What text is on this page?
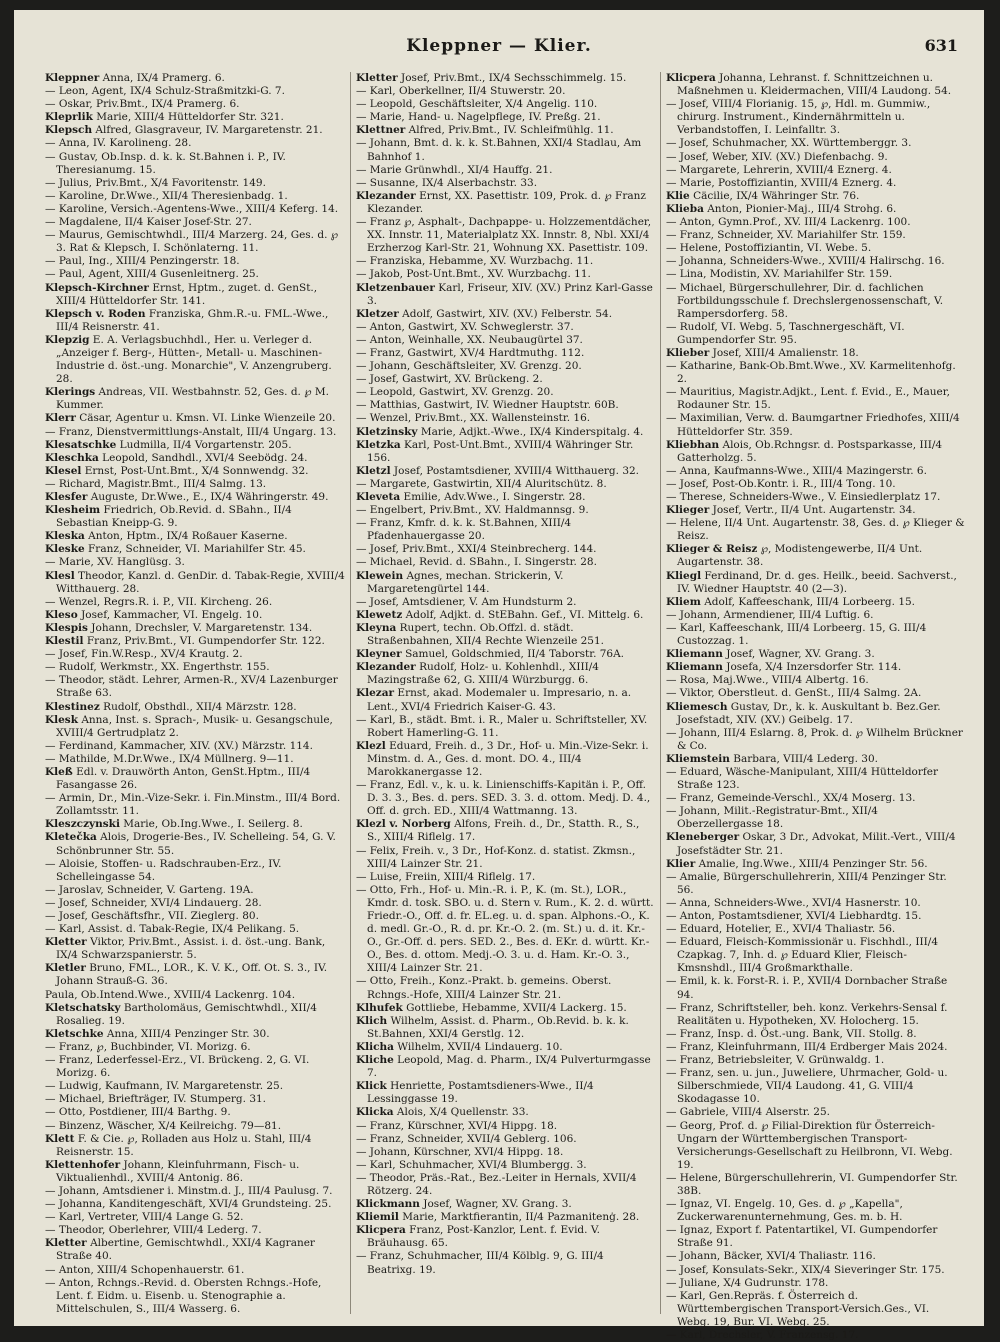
Kleppner — Klier.	631

Kleppner Anna, IX/4 Pramerg. 6.

— Leon, Agent, IX/4 Schulz-Straßmitzki-G. 7.

— Oskar, Priv.Bmt., IX/4 Pramerg. 6.

Kleprlik Marie, XIII/4 Hütteldorfer Str. 321.

Klepsch Alfred, Glasgraveur, IV. Margaretenstr. 21.

— Anna, IV. Karolineng. 28.

— Gustav, Ob.Insp. d. k. k. St.Bahnen i. P., IV. Theresianumg. 15.

— Julius, Priv.Bmt., X/4 Favoritenstr. 149.

— Karoline, Dr.Wwe., XII/4 Theresienbadg. 1.

— Karoline, Versich.-Agentens-Wwe., XIII/4 Keferg. 14.

— Magdalene, II/4 Kaiser Josef-Str. 27.

— Maurus, Gemischtwhdl., III/4 Marzerg. 24, Ges. d. ℘ 3. Rat & Klepsch, I. Schönlaterng. 11.

— Paul, Ing., XIII/4 Penzingerstr. 18.

— Paul, Agent, XIII/4 Gusenleitnerg. 25.

Klepsch-Kirchner Ernst, Hptm., zuget. d. GenSt., XIII/4 Hütteldorfer Str. 141.

Klepsch v. Roden Franziska, Ghm.R.-u. FML.-Wwe., III/4 Reisnerstr. 41.

Klepzig E. A. Verlagsbuchhdl., Her. u. Verleger d. „Anzeiger f. Berg-, Hütten-, Metall- u. Maschinen-Industrie d. öst.-ung. Monarchie", V. Anzengruberg. 28.

Klerings Andreas, VII. Westbahnstr. 52, Ges. d. ℘ M. Kummer.

Klerr Cäsar, Agentur u. Kmsn. VI. Linke Wienzeile 20.

— Franz, Dienstvermittlungs-Anstalt, III/4 Ungarg. 13.

Klesatschke Ludmilla, II/4 Vorgartenstr. 205.

Kleschka Leopold, Sandhdl., XVI/4 Seebödg. 24.

Klesel Ernst, Post-Unt.Bmt., X/4 Sonnwendg. 32.

— Richard, Magistr.Bmt., III/4 Salmg. 13.

Klesfer Auguste, Dr.Wwe., E., IX/4 Währingerstr. 49.

Klesheim Friedrich, Ob.Revid. d. SBahn., II/4 Sebastian Kneipp-G. 9.

Kleska Anton, Hptm., IX/4 Roßauer Kaserne.

Kleske Franz, Schneider, VI. Mariahilfer Str. 45.

— Marie, XV. Hanglüsg. 3.

Klesl Theodor, Kanzl. d. GenDir. d. Tabak-Regie, XVIII/4 Witthauerg. 28.

— Wenzel, Regrs.R. i. P., VII. Kircheng. 26.

Kleso Josef, Kammacher, VI. Engelg. 10.

Klespis Johann, Drechsler, V. Margaretenstr. 134.

Klestil Franz, Priv.Bmt., VI. Gumpendorfer Str. 122.

— Josef, Fin.W.Resp., XV/4 Krautg. 2.

— Rudolf, Werkmstr., XX. Engerthstr. 155.

— Theodor, städt. Lehrer, Armen-R., XV/4 Lazenburger Straße 63.

Klestinez Rudolf, Obsthdl., XII/4 Märzstr. 128.

Klesk Anna, Inst. s. Sprach-, Musik- u. Gesangschule, XVIII/4 Gertrudplatz 2.

— Ferdinand, Kammacher, XIV. (XV.) Märzstr. 114.

— Mathilde, M.Dr.Wwe., IX/4 Müllnerg. 9—11.

Kleß Edl. v. Drauwörth Anton, GenSt.Hptm., III/4 Fasangasse 26.

— Armin, Dr., Min.-Vize-Sekr. i. Fin.Minstm., III/4 Bord. Zollamtsstr. 11.

Kleszczynski Marie, Ob.Ing.Wwe., I. Seilerg. 8.

Kletečka Alois, Drogerie-Bes., IV. Schelleing. 54, G. V. Schönbrunner Str. 55.

— Aloisie, Stoffen- u. Radschrauben-Erz., IV. Schelleingasse 54.

— Jaroslav, Schneider, V. Garteng. 19A.

— Josef, Schneider, XVI/4 Lindauerg. 28.

— Josef, Geschäftsfhr., VII. Zieglerg. 80.

— Karl, Assist. d. Tabak-Regie, IX/4 Pelikang. 5.

Kletter Viktor, Priv.Bmt., Assist. i. d. öst.-ung. Bank, IX/4 Schwarzspanierstr. 5.

Kletler Bruno, FML., LOR., K. V. K., Off. Ot. S. 3., IV. Johann Strauß-G. 36.

Paula, Ob.Intend.Wwe., XVIII/4 Lackenrg. 104.

Kletschatsky Bartholomäus, Gemischtwhdl., XII/4 Rosalieg. 19.

Kletschke Anna, XIII/4 Penzinger Str. 30.

— Franz, ℘, Buchbinder, VI. Morizg. 6.

— Franz, Lederfessel-Erz., VI. Brückeng. 2, G. VI. Morizg. 6.

— Ludwig, Kaufmann, IV. Margaretenstr. 25.

— Michael, Briefträger, IV. Stumperg. 31.

— Otto, Postdiener, III/4 Barthg. 9.

— Binzenz, Wäscher, X/4 Keilreichg. 79—81.

Klett F. & Cie. ℘, Rolladen aus Holz u. Stahl, III/4 Reisnerstr. 15.

Klettenhofer Johann, Kleinfuhrmann, Fisch- u. Viktualienhdl., XVIII/4 Antonig. 86.

— Johann, Amtsdiener i. Minstm.d. J., III/4 Paulusg. 7.

— Johanna, Kanditengeschäft, XVI/4 Grundsteing. 25.

— Karl, Vertreter, VIII/4 Lange G. 52.

— Theodor, Oberlehrer, VIII/4 Lederg. 7.

Kletter Albertine, Gemischtwhdl., XXI/4 Kagraner Straße 40.

— Anton, XIII/4 Schopenhauerstr. 61.

— Anton, Rchngs.-Revid. d. Obersten Rchngs.-Hofe, Lent. f. Eidm. u. Eisenb. u. Stenographie a. Mittelschulen, S., III/4 Wasserg. 6.

Kletter Josef, Priv.Bmt., IX/4 Sechsschimmelg. 15.

— Karl, Oberkellner, II/4 Stuwerstr. 20.

— Leopold, Geschäftsleiter, X/4 Angelig. 110.

— Marie, Hand- u. Nagelpflege, IV. Preßg. 21.

Klettner Alfred, Priv.Bmt., IV. Schleifmühlg. 11.

— Johann, Bmt. d. k. k. St.Bahnen, XXI/4 Stadlau, Am Bahnhof 1.

— Marie Grünwhdl., XI/4 Hauffg. 21.

— Susanne, IX/4 Alserbachstr. 33.

Klezander Ernst, XX. Pasettistr. 109, Prok. d. ℘ Franz Klezander.

— Franz ℘, Asphalt-, Dachpappe- u. Holzzementdächer, XX. Innstr. 11, Materialplatz XX. Innstr. 8, Nbl. XXI/4 Erzherzog Karl-Str. 21, Wohnung XX. Pasettistr. 109.

— Franziska, Hebamme, XV. Wurzbachg. 11.

— Jakob, Post-Unt.Bmt., XV. Wurzbachg. 11.

Kletzenbauer Karl, Friseur, XIV. (XV.) Prinz Karl-Gasse 3.

Kletzer Adolf, Gastwirt, XIV. (XV.) Felberstr. 54.

— Anton, Gastwirt, XV. Schweglerstr. 37.

— Anton, Weinhalle, XX. Neubaugürtel 37.

— Franz, Gastwirt, XV/4 Hardtmuthg. 112.

— Johann, Geschäftsleiter, XV. Grenzg. 20.

— Josef, Gastwirt, XV. Brückeng. 2.

— Leopold, Gastwirt, XV. Grenzg. 20.

— Matthias, Gastwirt, IV. Wiedner Hauptstr. 60B.

— Wenzel, Priv.Bmt., XX. Wallensteinstr. 16.

Kletzinsky Marie, Adjkt.-Wwe., IX/4 Kinderspitalg. 4.

Kletzka Karl, Post-Unt.Bmt., XVIII/4 Währinger Str. 156.

Kletzl Josef, Postamtsdiener, XVIII/4 Witthauerg. 32.

— Margarete, Gastwirtin, XII/4 Aluritschütz. 8.

Kleveta Emilie, Adv.Wwe., I. Singerstr. 28.

— Engelbert, Priv.Bmt., XV. Haldmannsg. 9.

— Franz, Kmfr. d. k. k. St.Bahnen, XIII/4 Pfadenhauergasse 20.

— Josef, Priv.Bmt., XXI/4 Steinbrecherg. 144.

— Michael, Revid. d. SBahn., I. Singerstr. 28.

Klewein Agnes, mechan. Strickerin, V. Margaretengürtel 144.

— Josef, Amtsdiener, V. Am Hundsturm 2.

Klewetz Adolf, Adjkt. d. StEBahn. Gef., VI. Mittelg. 6.

Kleyna Rupert, techn. Ob.Offzl. d. städt. Straßenbahnen, XII/4 Rechte Wienzeile 251.

Kleyner Samuel, Goldschmied, II/4 Taborstr. 76A.

Klezander Rudolf, Holz- u. Kohlenhdl., XIII/4 Mazingstraße 62, G. XIII/4 Würzburgg. 6.

Klezar Ernst, akad. Modemaler u. Impresario, n. a. Lent., XVI/4 Friedrich Kaiser-G. 43.

— Karl, B., städt. Bmt. i. R., Maler u. Schriftsteller, XV. Robert Hamerling-G. 11.

Klezl Eduard, Freih. d., 3 Dr., Hof- u. Min.-Vize-Sekr. i. Minstm. d. A., Ges. d. mont. DO. 4., III/4 Marokkanergasse 12.

— Franz, Edl. v., k. u. k. Linienschiffs-Kapitän i. P., Off. D. 3. 3., Bes. d. pers. SED. 3. 3. d. ottom. Medj. D. 4., Off. d. grch. ED., XIII/4 Wattmanng. 13.

Klezl v. Norberg Alfons, Freih. d., Dr., Statth. R., S., S., XIII/4 Riflelg. 17.

— Felix, Freih. v., 3 Dr., Hof-Konz. d. statist. Zkmsn., XIII/4 Lainzer Str. 21.

— Luise, Freiin, XIII/4 Riflelg. 17.

— Otto, Frh., Hof- u. Min.-R. i. P., K. (m. St.), LOR., Kmdr. d. tosk. SBO. u. d. Stern v. Rum., K. 2. d. württ. Friedr.-O., Off. d. fr. EL.eg. u. d. span. Alphons.-O., K. d. medl. Gr.-O., R. d. pr. Kr.-O. 2. (m. St.) u. d. it. Kr.-O., Gr.-Off. d. pers. SED. 2., Bes. d. EKr. d. württ. Kr.-O., Bes. d. ottom. Medj.-O. 3. u. d. Ham. Kr.-O. 3., XIII/4 Lainzer Str. 21.

— Otto, Freih., Konz.-Prakt. b. gemeins. Oberst. Rchngs.-Hofe, XIII/4 Lainzer Str. 21.

Klhufek Gottliebe, Hebamme, XVII/4 Lackerg. 15.

Klich Wilhelm, Assist. d. Pharm., Ob.Revid. b. k. k. St.Bahnen, XXI/4 Gerstlg. 12.

Klicha Wilhelm, XVII/4 Lindauerg. 10.

Kliche Leopold, Mag. d. Pharm., IX/4 Pulverturmgasse 7.

Klick Henriette, Postamtsdieners-Wwe., II/4 Lessinggasse 19.

Klicka Alois, X/4 Quellenstr. 33.

— Franz, Kürschner, XVI/4 Hippg. 18.

— Franz, Schneider, XVII/4 Geblerg. 106.

— Johann, Kürschner, XVI/4 Hippg. 18.

— Karl, Schuhmacher, XVI/4 Blumbergg. 3.

— Theodor, Präs.-Rat., Bez.-Leiter in Hernals, XVII/4 Rötzerg. 24.

Klickmann Josef, Wagner, XV. Grang. 3.

Kliemil Marie, Marktfierantin, II/4 Pazmanitenġ. 28.

Klicpera Franz, Post-Kanzlor, Lent. f. Evid. V. Bräuhausg. 65.

— Franz, Schuhmacher, III/4 Kölblg. 9, G. III/4 Beatrixg. 19.

Klicpera Johanna, Lehranst. f. Schnittzeichnen u. Maßnehmen u. Kleidermachen, VIII/4 Laudong. 54.

— Josef, VIII/4 Florianig. 15, ℘, Hdl. m. Gummiw., chirurg. Instrument., Kindernährmitteln u. Verbandstoffen, I. Leinfalltr. 3.

— Josef, Schuhmacher, XX. Württemberggr. 3.

— Josef, Weber, XIV. (XV.) Diefenbachg. 9.

— Margarete, Lehrerin, XVIII/4 Eznerg. 4.

— Marie, Postoffiziantin, XVIII/4 Eznerg. 4.

Klie Cäcilie, IX/4 Währinger Str. 76.

Klieba Anton, Pionier-Maj., III/4 Strohg. 6.

— Anton, Gymn.Prof., XV. III/4 Lackenrg. 100.

— Franz, Schneider, XV. Mariahilfer Str. 159.

— Helene, Postoffiziantin, VI. Webe. 5.

— Johanna, Schneiders-Wwe., XVIII/4 Halirschg. 16.

— Lina, Modistin, XV. Mariahilfer Str. 159.

— Michael, Bürgerschullehrer, Dir. d. fachlichen Fortbildungsschule f. Drechslergenossenschaft, V. Rampersdorferg. 58.

— Rudolf, VI. Webg. 5, Taschnergeschäft, VI. Gumpendorfer Str. 95.

Klieber Josef, XIII/4 Amalienstr. 18.

— Katharine, Bank-Ob.Bmt.Wwe., XV. Karmelitenhofg. 2.

— Mauritius, Magistr.Adjkt., Lent. f. Evid., E., Mauer, Rodauner Str. 15.

— Maximilian, Verw. d. Baumgartner Friedhofes, XIII/4 Hütteldorfer Str. 359.

Kliebhan Alois, Ob.Rchngsr. d. Postsparkasse, III/4 Gatterholzg. 5.

— Anna, Kaufmanns-Wwe., XIII/4 Mazingerstr. 6.

— Josef, Post-Ob.Kontr. i. R., III/4 Tong. 10.

— Therese, Schneiders-Wwe., V. Einsiedlerplatz 17.

Klieger Josef, Vertr., II/4 Unt. Augartenstr. 34.

— Helene, II/4 Unt. Augartenstr. 38, Ges. d. ℘ Klieger & Reisz.

Klieger & Reisz ℘, Modistengewerbe, II/4 Unt. Augartenstr. 38.

Kliegl Ferdinand, Dr. d. ges. Heilk., beeid. Sachverst., IV. Wiedner Hauptstr. 40 (2—3).

Kliem Adolf, Kaffeeschank, III/4 Lorbeerg. 15.

— Johann, Armendiener, III/4 Luftig. 6.

— Karl, Kaffeeschank, III/4 Lorbeerg. 15, G. III/4 Custozzag. 1.

Kliemann Josef, Wagner, XV. Grang. 3.

Kliemann Josefa, X/4 Inzersdorfer Str. 114.

— Rosa, Maj.Wwe., VIII/4 Albertg. 16.

— Viktor, Oberstleut. d. GenSt., III/4 Salmg. 2A.

Kliemesch Gustav, Dr., k. k. Auskultant b. Bez.Ger. Josefstadt, XIV. (XV.) Geibelg. 17.

— Johann, III/4 Eslarng. 8, Prok. d. ℘ Wilhelm Brückner & Co.

Kliemstein Barbara, VIII/4 Lederg. 30.

— Eduard, Wäsche-Manipulant, XIII/4 Hütteldorfer Straße 123.

— Franz, Gemeinde-Verschl., XX/4 Moserg. 13.

— Johann, Milit.-Registratur-Bmt., XII/4 Oberzellergasse 18.

Kleneberger Oskar, 3 Dr., Advokat, Milit.-Vert., VIII/4 Josefstädter Str. 21.

Klier Amalie, Ing.Wwe., XIII/4 Penzinger Str. 56.

— Amalie, Bürgerschullehrerin, XIII/4 Penzinger Str. 56.

— Anna, Schneiders-Wwe., XVI/4 Hasnerstr. 10.

— Anton, Postamtsdiener, XVI/4 Liebhardtg. 15.

— Eduard, Hotelier, E., XVI/4 Thaliastr. 56.

— Eduard, Fleisch-Kommissionär u. Fischhdl., III/4 Czapkag. 7, Inh. d. ℘ Eduard Klier, Fleisch-Kmsnshdl., III/4 Großmarkthalle.

— Emil, k. k. Forst-R. i. P., XVII/4 Dornbacher Straße 94.

— Franz, Schriftsteller, beh. konz. Verkehrs-Sensal f. Realitäten u. Hypotheken, XV. Holocherg. 15.

— Franz, Insp. d. Öst.-ung. Bank, VII. Stollg. 8.

— Franz, Kleinfuhrmann, III/4 Erdberger Mais 2024.

— Franz, Betriebsleiter, V. Grünwaldg. 1.

— Franz, sen. u. jun., Juweliere, Uhrmacher, Gold- u. Silberschmiede, VII/4 Laudong. 41, G. VIII/4 Skodagasse 10.

— Gabriele, VIII/4 Alserstr. 25.

— Georg, Prof. d. ℘ Filial-Direktion für Österreich-Ungarn der Württembergischen Transport-Versicherungs-Gesellschaft zu Heilbronn, VI. Webg. 19.

— Helene, Bürgerschullehrerin, VI. Gumpendorfer Str. 38B.

— Ignaz, VI. Engelg. 10, Ges. d. ℘ „Kapella", Zuckerwarenunternehmung, Ges. m. b. H.

— Ignaz, Export f. Patentartikel, VI. Gumpendorfer Straße 91.

— Johann, Bäcker, XVI/4 Thaliastr. 116.

— Josef, Konsulats-Sekr., XIX/4 Sieveringer Str. 175.

— Juliane, X/4 Gudrunstr. 178.

— Karl, Gen.Repräs. f. Österreich d. Württembergischen Transport-Versich.Ges., VI. Webg. 19, Bur. VI. Webg. 25.

— Karl, Drechsler, V. Franzensg. 17.
